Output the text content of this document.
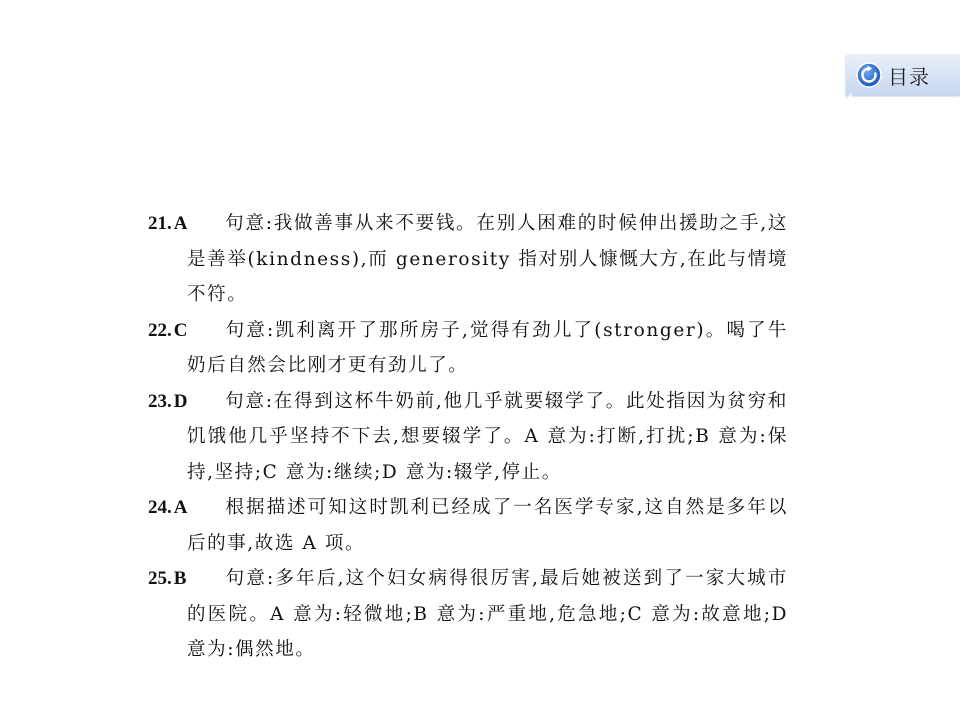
目录

21. A 句意:我做善事从来不要钱。在别人困难的时候伸出援助之手,这是善举(kindness),而 generosity 指对别人慷慨大方,在此与情境不符。

22. C 句意:凯利离开了那所房子,觉得有劲儿了(stronger)。喝了牛奶后自然会比刚才更有劲儿了。

23. D 句意:在得到这杯牛奶前,他几乎就要辍学了。此处指因为贫穷和饥饿他几乎坚持不下去,想要辍学了。A 意为:打断,打扰;B 意为:保持,坚持;C 意为:继续;D 意为:辍学,停止。

24. A 根据描述可知这时凯利已经成了一名医学专家,这自然是多年以后的事,故选 A 项。

25. B 句意:多年后,这个妇女病得很厉害,最后她被送到了一家大城市的医院。A 意为:轻微地;B 意为:严重地,危急地;C 意为:故意地;D 意为:偶然地。
